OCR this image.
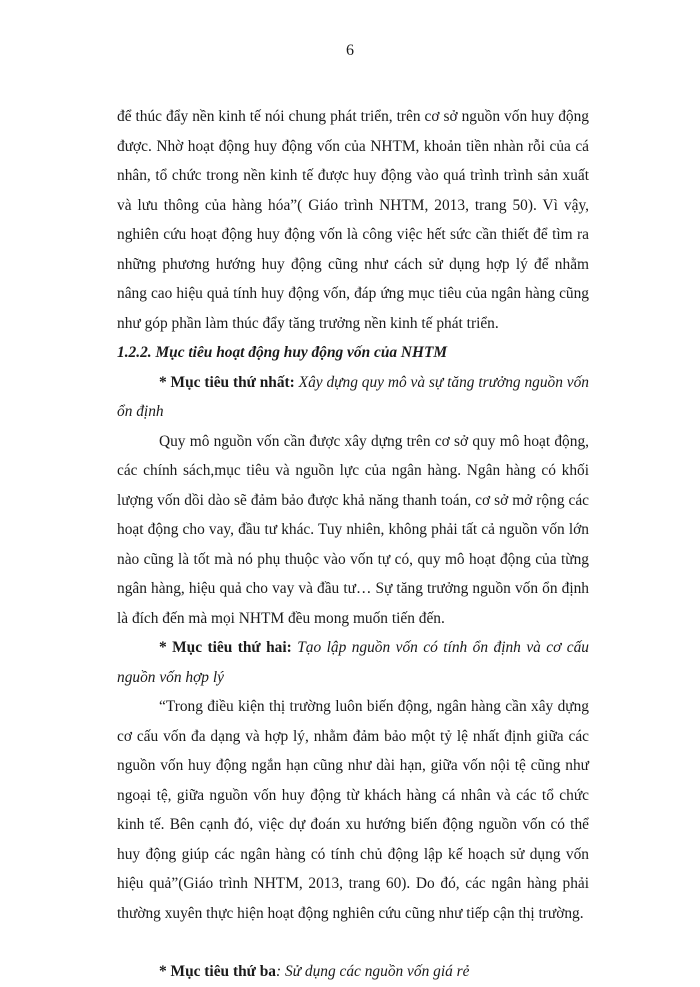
6

để thúc đẩy nền kinh tế nói chung phát triển, trên cơ sở nguồn vốn huy động được. Nhờ hoạt động huy động vốn của NHTM, khoản tiền nhàn rỗi của cá nhân, tổ chức trong nền kinh tế được huy động vào quá trình trình sản xuất và lưu thông của hàng hóa”( Giáo trình NHTM, 2013, trang 50). Vì vậy, nghiên cứu hoạt động huy động vốn là công việc hết sức cần thiết để tìm ra những phương hướng huy động cũng như cách sử dụng hợp lý để nhằm nâng cao hiệu quả tính huy động vốn, đáp ứng mục tiêu của ngân hàng cũng như góp phần làm thúc đẩy tăng trưởng nền kinh tế phát triển.

1.2.2. Mục tiêu hoạt động huy động vốn của NHTM

* Mục tiêu thứ nhất: Xây dựng quy mô và sự tăng trưởng nguồn vốn ổn định

Quy mô nguồn vốn cần được xây dựng trên cơ sở quy mô hoạt động, các chính sách,mục tiêu và nguồn lực của ngân hàng. Ngân hàng có khối lượng vốn dồi dào sẽ đảm bảo được khả năng thanh toán, cơ sở mở rộng các hoạt động cho vay, đầu tư khác. Tuy nhiên, không phải tất cả nguồn vốn lớn nào cũng là tốt mà nó phụ thuộc vào vốn tự có, quy mô hoạt động của từng ngân hàng, hiệu quả cho vay và đầu tư… Sự tăng trưởng nguồn vốn ổn định là đích đến mà mọi NHTM đều mong muốn tiến đến.

* Mục tiêu thứ hai: Tạo lập nguồn vốn có tính ổn định và cơ cấu nguồn vốn hợp lý

“Trong điều kiện thị trường luôn biến động, ngân hàng cần xây dựng cơ cấu vốn đa dạng và hợp lý, nhằm đảm bảo một tỷ lệ nhất định giữa các nguồn vốn huy động ngắn hạn cũng như dài hạn, giữa vốn nội tệ cũng như ngoại tệ, giữa nguồn vốn huy động từ khách hàng cá nhân và các tổ chức kinh tế. Bên cạnh đó, việc dự đoán xu hướng biến động nguồn vốn có thể huy động giúp các ngân hàng có tính chủ động lập kế hoạch sử dụng vốn hiệu quả”(Giáo trình NHTM, 2013, trang 60). Do đó, các ngân hàng phải thường xuyên thực hiện hoạt động nghiên cứu cũng như tiếp cận thị trường.

* Mục tiêu thứ ba: Sử dụng các nguồn vốn giá rẻ
